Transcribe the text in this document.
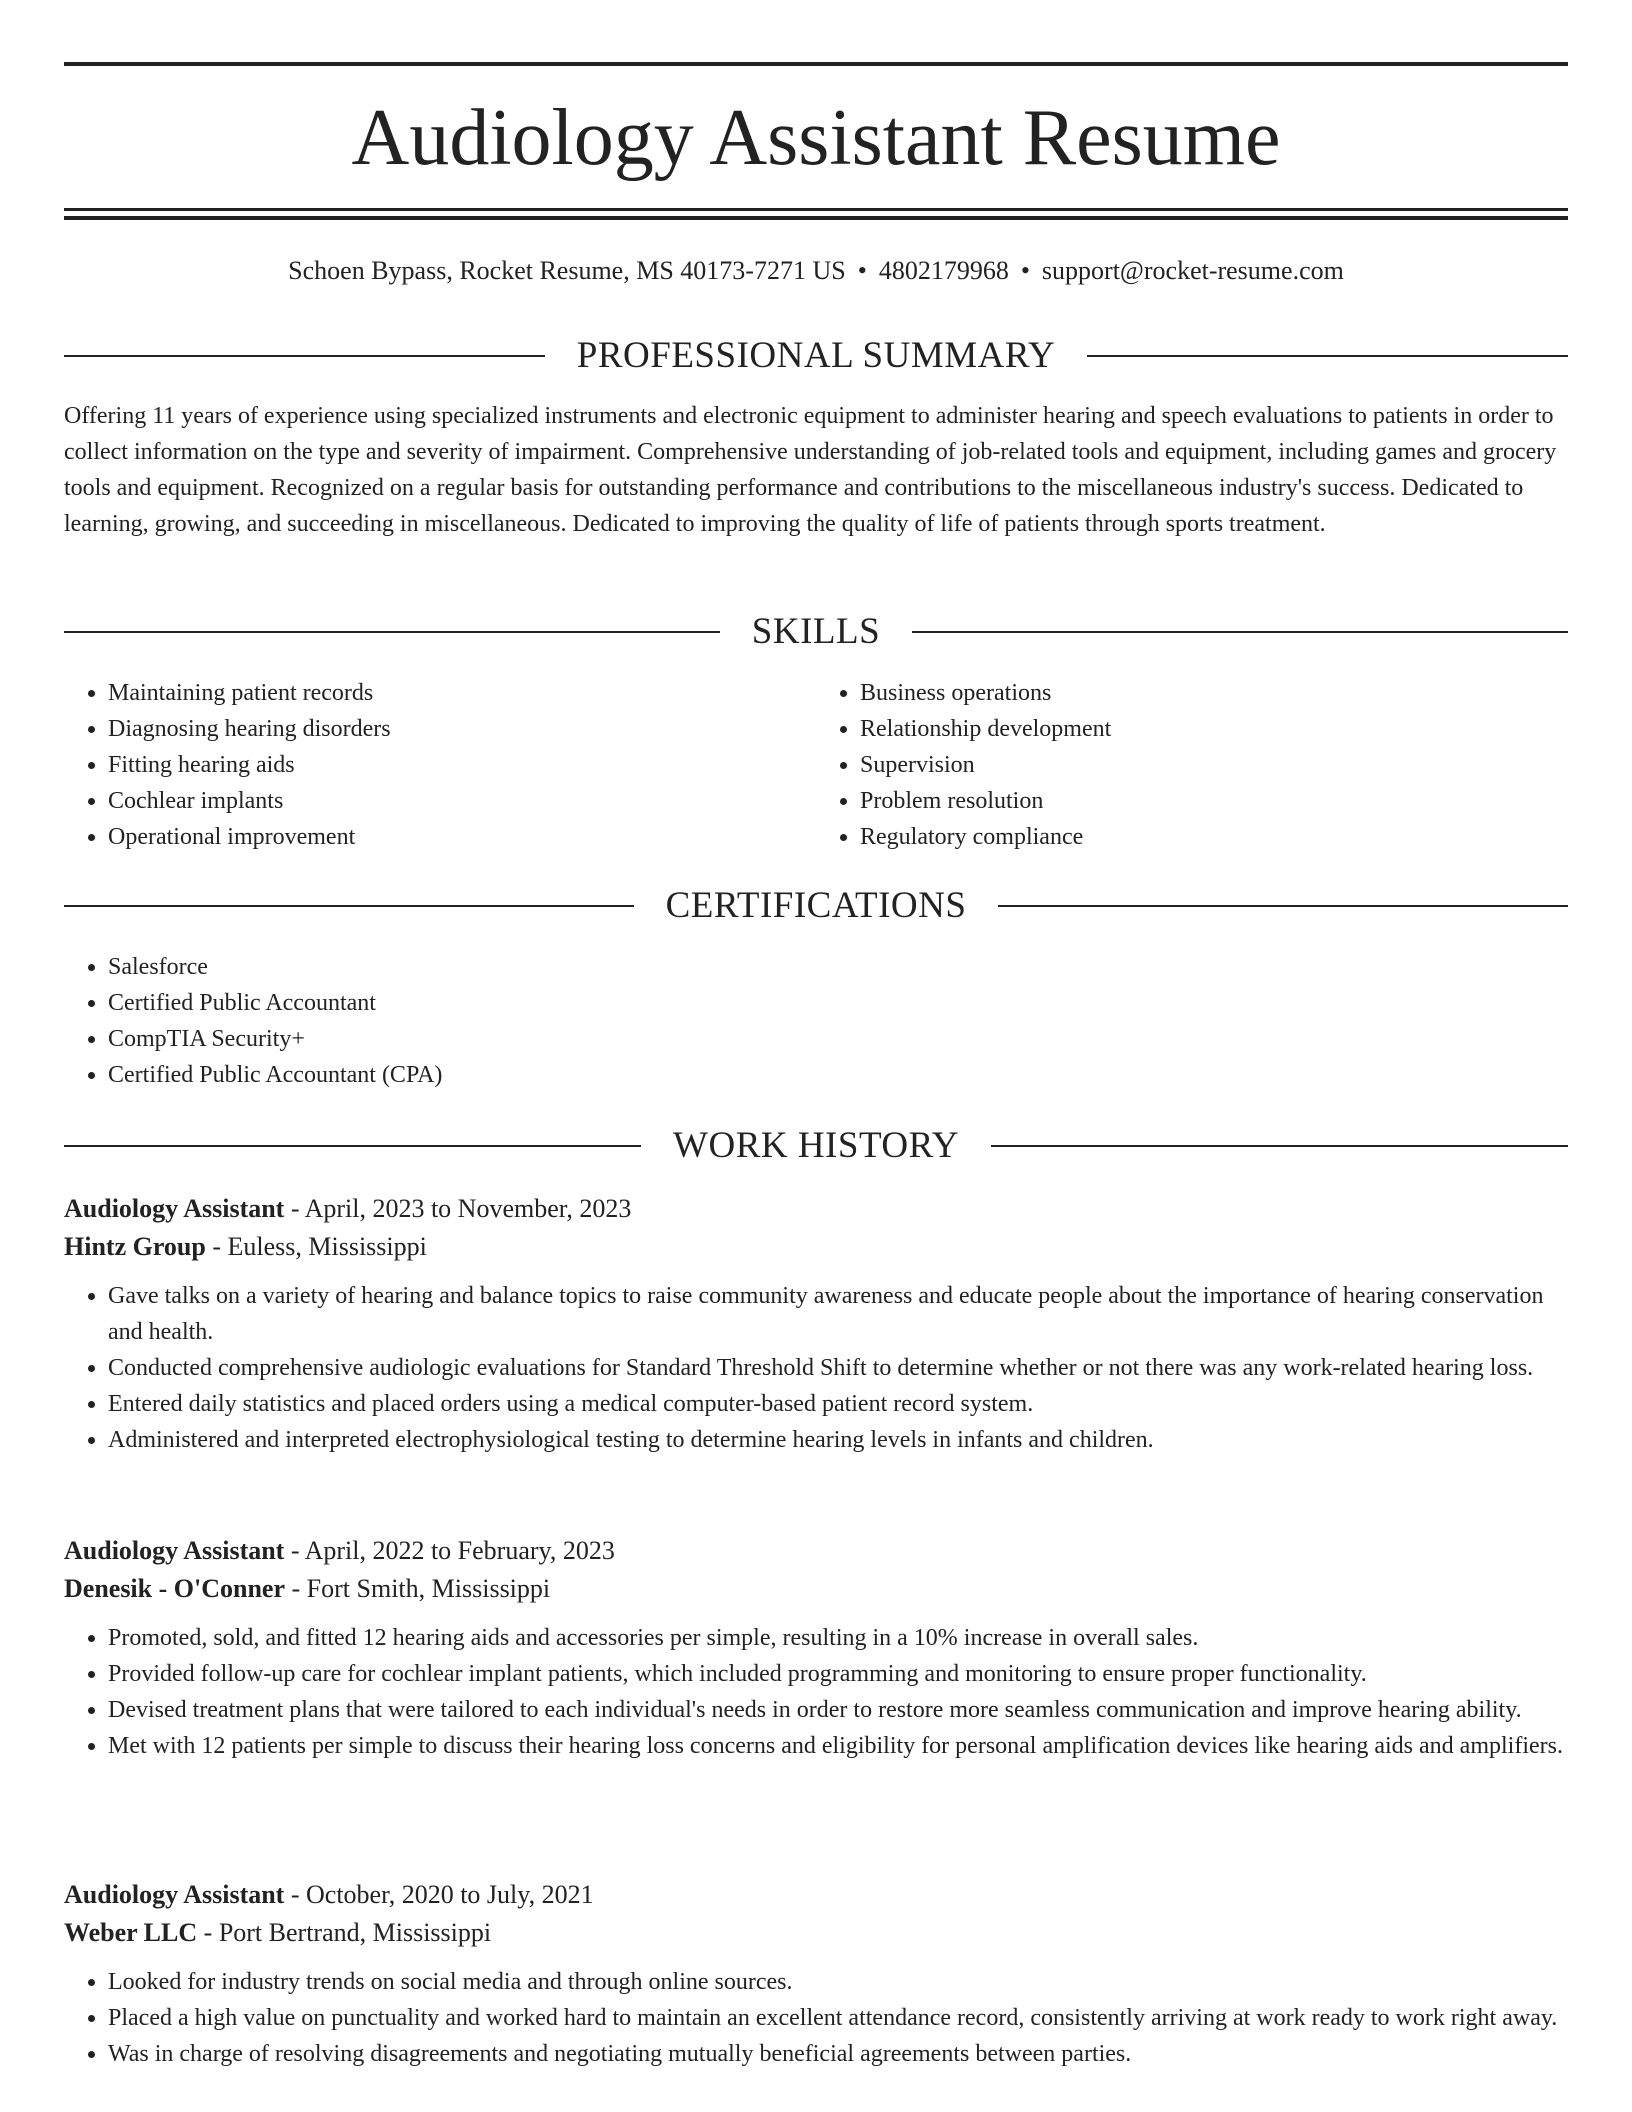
Audiology Assistant Resume
Schoen Bypass, Rocket Resume, MS 40173-7271 US • 4802179968 • support@rocket-resume.com
PROFESSIONAL SUMMARY
Offering 11 years of experience using specialized instruments and electronic equipment to administer hearing and speech evaluations to patients in order to collect information on the type and severity of impairment. Comprehensive understanding of job-related tools and equipment, including games and grocery tools and equipment. Recognized on a regular basis for outstanding performance and contributions to the miscellaneous industry's success. Dedicated to learning, growing, and succeeding in miscellaneous. Dedicated to improving the quality of life of patients through sports treatment.
SKILLS
• Maintaining patient records
• Diagnosing hearing disorders
• Fitting hearing aids
• Cochlear implants
• Operational improvement
• Business operations
• Relationship development
• Supervision
• Problem resolution
• Regulatory compliance
CERTIFICATIONS
• Salesforce
• Certified Public Accountant
• CompTIA Security+
• Certified Public Accountant (CPA)
WORK HISTORY
Audiology Assistant - April, 2023 to November, 2023
Hintz Group - Euless, Mississippi
• Gave talks on a variety of hearing and balance topics to raise community awareness and educate people about the importance of hearing conservation and health.
• Conducted comprehensive audiologic evaluations for Standard Threshold Shift to determine whether or not there was any work-related hearing loss.
• Entered daily statistics and placed orders using a medical computer-based patient record system.
• Administered and interpreted electrophysiological testing to determine hearing levels in infants and children.
Audiology Assistant - April, 2022 to February, 2023
Denesik - O'Conner - Fort Smith, Mississippi
• Promoted, sold, and fitted 12 hearing aids and accessories per simple, resulting in a 10% increase in overall sales.
• Provided follow-up care for cochlear implant patients, which included programming and monitoring to ensure proper functionality.
• Devised treatment plans that were tailored to each individual's needs in order to restore more seamless communication and improve hearing ability.
• Met with 12 patients per simple to discuss their hearing loss concerns and eligibility for personal amplification devices like hearing aids and amplifiers.
Audiology Assistant - October, 2020 to July, 2021
Weber LLC - Port Bertrand, Mississippi
• Looked for industry trends on social media and through online sources.
• Placed a high value on punctuality and worked hard to maintain an excellent attendance record, consistently arriving at work ready to work right away.
• Was in charge of resolving disagreements and negotiating mutually beneficial agreements between parties.
